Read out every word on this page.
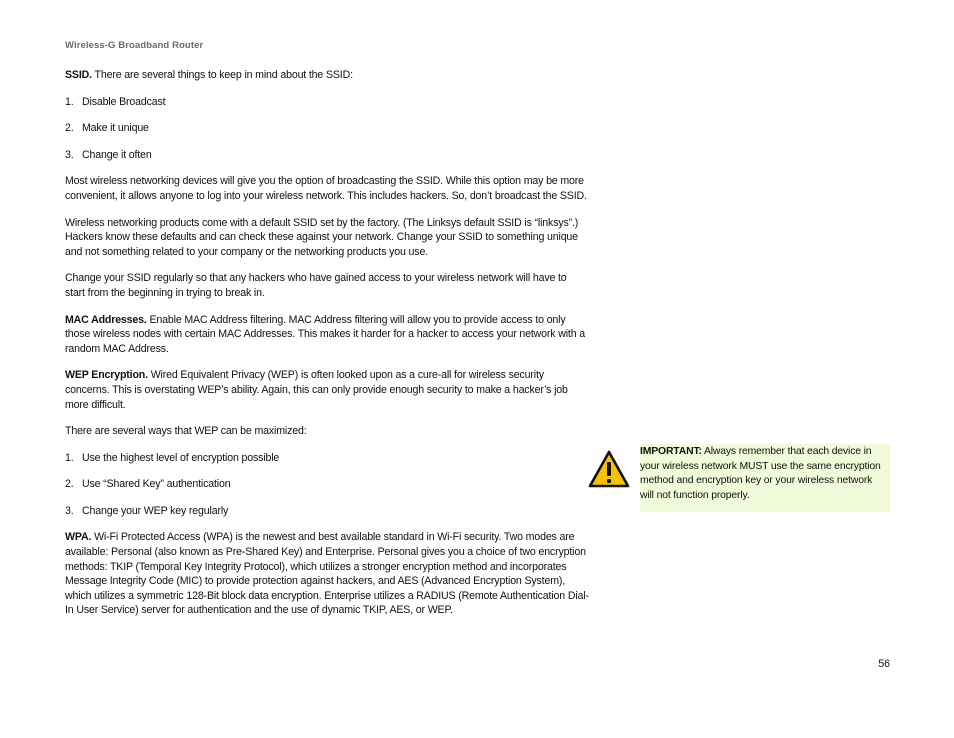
Wireless-G Broadband Router

SSID. There are several things to keep in mind about the SSID:

1. Disable Broadcast
2. Make it unique
3. Change it often

Most wireless networking devices will give you the option of broadcasting the SSID. While this option may be more convenient, it allows anyone to log into your wireless network. This includes hackers. So, don’t broadcast the SSID.

Wireless networking products come with a default SSID set by the factory. (The Linksys default SSID is “linksys”.) Hackers know these defaults and can check these against your network. Change your SSID to something unique and not something related to your company or the networking products you use.

Change your SSID regularly so that any hackers who have gained access to your wireless network will have to start from the beginning in trying to break in.

MAC Addresses. Enable MAC Address filtering. MAC Address filtering will allow you to provide access to only those wireless nodes with certain MAC Addresses. This makes it harder for a hacker to access your network with a random MAC Address.

WEP Encryption. Wired Equivalent Privacy (WEP) is often looked upon as a cure-all for wireless security concerns. This is overstating WEP’s ability. Again, this can only provide enough security to make a hacker’s job more difficult.

There are several ways that WEP can be maximized:

1. Use the highest level of encryption possible
2. Use “Shared Key” authentication
3. Change your WEP key regularly

WPA. Wi-Fi Protected Access (WPA) is the newest and best available standard in Wi-Fi security. Two modes are available: Personal (also known as Pre-Shared Key) and Enterprise. Personal gives you a choice of two encryption methods: TKIP (Temporal Key Integrity Protocol), which utilizes a stronger encryption method and incorporates Message Integrity Code (MIC) to provide protection against hackers, and AES (Advanced Encryption System), which utilizes a symmetric 128-Bit block data encryption. Enterprise utilizes a RADIUS (Remote Authentication Dial-In User Service) server for authentication and the use of dynamic TKIP, AES, or WEP.

IMPORTANT: Always remember that each device in your wireless network MUST use the same encryption method and encryption key or your wireless network will not function properly.
56
